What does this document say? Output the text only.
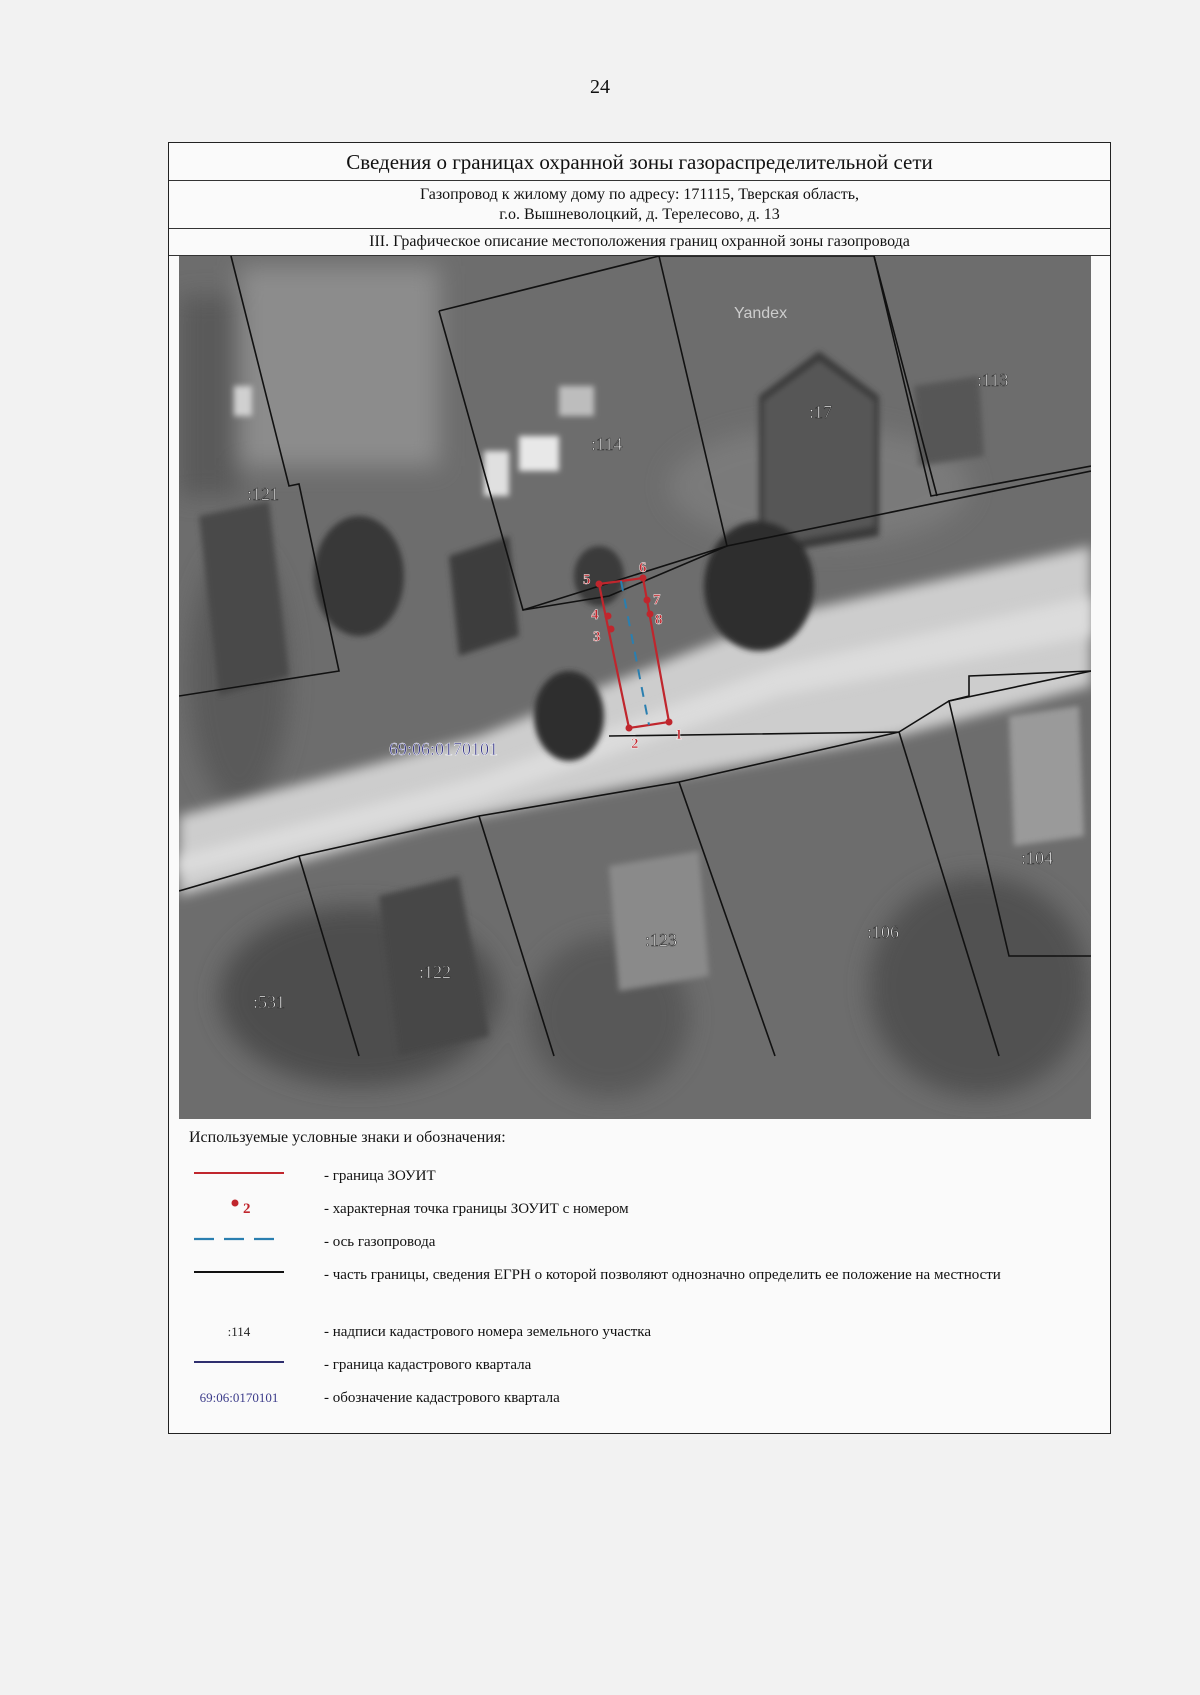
24
Сведения о границах охранной зоны газораспределительной сети
Газопровод к жилому дому по адресу: 171115, Тверская область,
г.о. Вышневолоцкий, д. Терелесово, д. 13
III. Графическое описание местоположения границ охранной зоны газопровода
Yandex
1
2
3
4
5
6
7
8
:121
:114
:17
:113
:104
:106
:123
:122
:531
69:06:0170101
Используемые условные знаки и обозначения:
- граница ЗОУИТ
2	- характерная точка границы ЗОУИТ с номером
- ось газопровода
- часть границы, сведения ЕГРН о которой позволяют однозначно определить ее положение на местности
:114	- надписи кадастрового номера земельного участка
- граница кадастрового квартала
69:06:0170101	- обозначение кадастрового квартала
